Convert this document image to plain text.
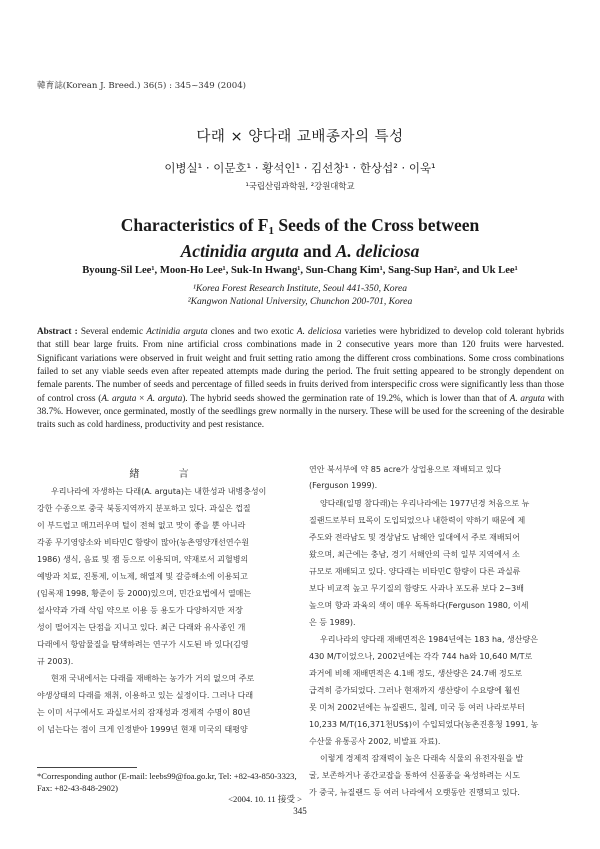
韓育誌(Korean J. Breed.) 36(5) : 345~349 (2004)
다래 × 양다래 교배종자의 특성
이병실¹ · 이문호¹ · 황석인¹ · 김선창¹ · 한상섭² · 이욱¹
¹국립산림과학원, ²강원대학교
Characteristics of $F_1$ Seeds of the Cross between
Actinidia arguta and A. deliciosa
Byoung-Sil Lee¹, Moon-Ho Lee¹, Suk-In Hwang¹, Sun-Chang Kim¹, Sang-Sup Han², and Uk Lee¹
¹Korea Forest Research Institute, Seoul 441-350, Korea
²Kangwon National University, Chunchon 200-701, Korea

Abstract : Several endemic Actinidia arguta clones and two exotic A. deliciosa varieties were hybridized to develop cold tolerant hybrids that still bear large fruits. From nine artificial cross combinations made in 2 consecutive years more than 120 fruits were harvested. Significant variations were observed in fruit weight and fruit setting ratio among the different cross combinations. Some cross combinations failed to set any viable seeds even after repeated attempts made during the period. The fruit setting appeared to be strongly dependent on female parents. The number of seeds and percentage of filled seeds in fruits derived from interspecific cross were significantly less than those of control cross (A. arguta × A. arguta). The hybrid seeds showed the germination rate of 19.2%, which is lower than that of A. arguta with 38.7%. However, once germinated, mostly of the seedlings grew normally in the nursery. These will be used for the screening of the desirable traits such as cold hardiness, productivity and pest resistance.

緖 言
우리나라에 자생하는 다래(A. arguta)는 내한성과 내병충성이
강한 수종으로 중국 북동지역까지 분포하고 있다. 과실은 껍질
이 부드럽고 매끄러우며 털이 전혀 없고 맛이 좋을 뿐 아니라
각종 무기영양소와 비타민C 함량이 많아(농촌영양개선연수원
1986) 생식, 음료 및 잼 등으로 이용되며, 약재로서 괴혈병의
예방과 치료, 진통제, 이뇨제, 해열제 및 갈증해소에 이용되고
(임록재 1998, 황준이 등 2000)있으며, 민간요법에서 열매는
설사약과 가래 삭임 약으로 이용 등 용도가 다양하지만 저장
성이 떨어지는 단점을 지니고 있다. 최근 다래와 유사종인 개
다래에서 항암물질을 탐색하려는 연구가 시도된 바 있다(김영
규 2003).
현재 국내에서는 다래를 재배하는 농가가 거의 없으며 주로
야생상태의 다래를 채취, 이용하고 있는 실정이다. 그러나 다래
는 이미 서구에서도 과실로서의 잠재성과 경제적 수명이 80년
이 넘는다는 점이 크게 인정받아 1999년 현재 미국의 태평양
연안 북서부에 약 85 acre가 상업용으로 재배되고 있다
(Ferguson 1999).
양다래(일명 참다래)는 우리나라에는 1977년경 처음으로 뉴
질랜드로부터 묘목이 도입되었으나 내한력이 약하기 때문에 제
주도와 전라남도 및 경상남도 남해안 일대에서 주로 재배되어
왔으며, 최근에는 충남, 경기 서해안의 극히 일부 지역에서 소
규모로 재배되고 있다. 양다래는 비타민C 함량이 다른 과실류
보다 비교적 높고 무기질의 함량도 사과나 포도류 보다 2~3배
높으며 향과 과육의 색이 매우 독특하다(Ferguson 1980, 이세
은 등 1989).
우리나라의 양다래 재배면적은 1984년에는 183 ha, 생산량은
430 M/T이었으나, 2002년에는 각각 744 ha와 10,640 M/T로
과거에 비해 재배면적은 4.1배 정도, 생산량은 24.7배 정도로
급격히 증가되었다. 그러나 현재까지 생산량이 수요량에 훨씬
못 미쳐 2002년에는 뉴질랜드, 칠레, 미국 등 여러 나라로부터
10,233 M/T(16,371천US$)이 수입되었다(농촌진흥청 1991, 농
수산물 유통공사 2002, 비발표 자료).
이렇게 경제적 잠재력이 높은 다래속 식물의 유전자원을 발
굴, 보존하거나 종간교잡을 통하여 신품종을 육성하려는 시도
가 중국, 뉴질랜드 등 여러 나라에서 오랫동안 진행되고 있다.
*Corresponding author (E-mail: leebs99@foa.go.kr, Tel: +82-43-850-3323, Fax: +82-43-848-2902)
<2004. 10. 11 接受 >
345
